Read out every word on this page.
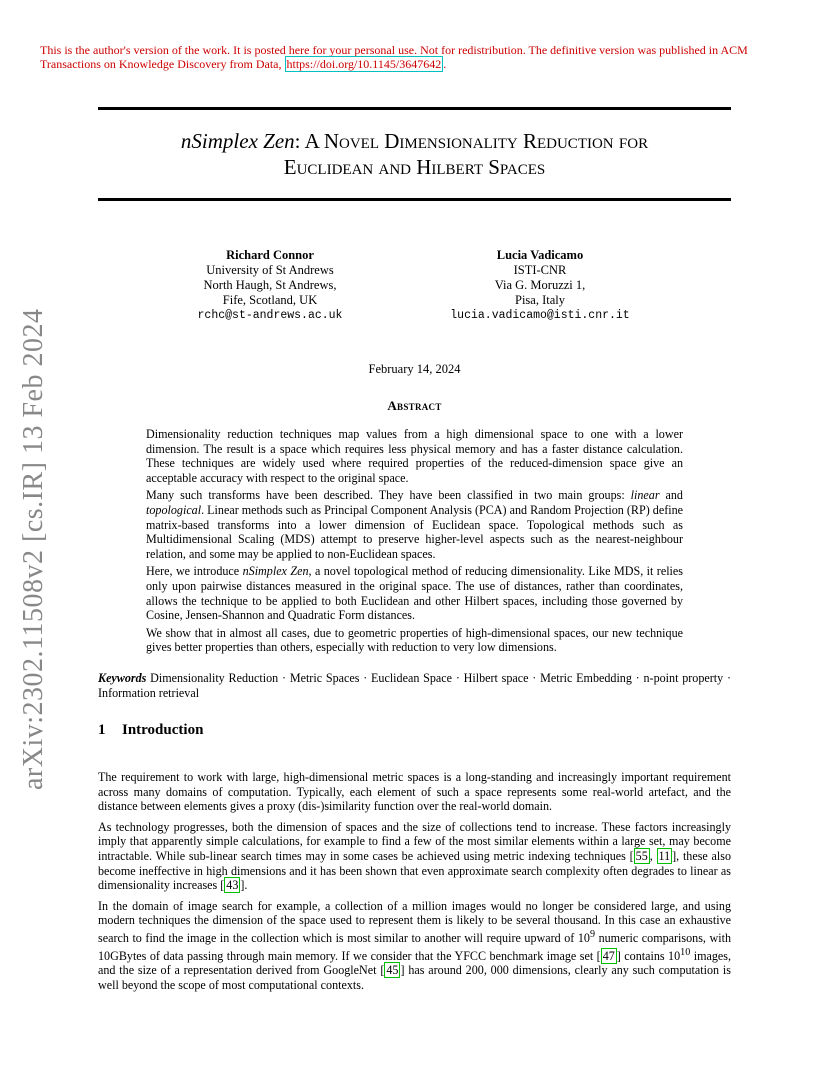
This is the author's version of the work. It is posted here for your personal use. Not for redistribution. The definitive version was published in ACM Transactions on Knowledge Discovery from Data, https://doi.org/10.1145/3647642 .
arXiv:2302.11508v2 [cs.IR] 13 Feb 2024
nSimplex Zen: A Novel Dimensionality Reduction for
Euclidean and Hilbert Spaces
Richard Connor
University of St Andrews
North Haugh, St Andrews,
Fife, Scotland, UK
rchc@st-andrews.ac.uk
Lucia Vadicamo
ISTI-CNR
Via G. Moruzzi 1,
Pisa, Italy
lucia.vadicamo@isti.cnr.it
February 14, 2024
Abstract

Dimensionality reduction techniques map values from a high dimensional space to one with a lower dimension. The result is a space which requires less physical memory and has a faster distance calculation. These techniques are widely used where required properties of the reduced-dimension space give an acceptable accuracy with respect to the original space.

Many such transforms have been described. They have been classified in two main groups: linear and topological. Linear methods such as Principal Component Analysis (PCA) and Random Projection (RP) define matrix-based transforms into a lower dimension of Euclidean space. Topological methods such as Multidimensional Scaling (MDS) attempt to preserve higher-level aspects such as the nearest-neighbour relation, and some may be applied to non-Euclidean spaces.

Here, we introduce nSimplex Zen, a novel topological method of reducing dimensionality. Like MDS, it relies only upon pairwise distances measured in the original space. The use of distances, rather than coordinates, allows the technique to be applied to both Euclidean and other Hilbert spaces, including those governed by Cosine, Jensen-Shannon and Quadratic Form distances.

We show that in almost all cases, due to geometric properties of high-dimensional spaces, our new technique gives better properties than others, especially with reduction to very low dimensions.

Keywords Dimensionality Reduction · Metric Spaces · Euclidean Space · Hilbert space · Metric Embedding · n-point property · Information retrieval
1 Introduction

The requirement to work with large, high-dimensional metric spaces is a long-standing and increasingly important requirement across many domains of computation. Typically, each element of such a space represents some real-world artefact, and the distance between elements gives a proxy (dis-)similarity function over the real-world domain.

As technology progresses, both the dimension of spaces and the size of collections tend to increase. These factors increasingly imply that apparently simple calculations, for example to find a few of the most similar elements within a large set, may become intractable. While sub-linear search times may in some cases be achieved using metric indexing techniques [ 55 , 11 ], these also become ineffective in high dimensions and it has been shown that even approximate search complexity often degrades to linear as dimensionality increases [ 43 ].

In the domain of image search for example, a collection of a million images would no longer be considered large, and using modern techniques the dimension of the space used to represent them is likely to be several thousand. In this case an exhaustive search to find the image in the collection which is most similar to another will require upward of $10^9$ numeric comparisons, with 10GBytes of data passing through main memory. If we consider that the YFCC benchmark image set [ 47 ] contains $10^{10}$ images, and the size of a representation derived from GoogleNet [ 45 ] has around 200, 000 dimensions, clearly any such computation is well beyond the scope of most computational contexts.
